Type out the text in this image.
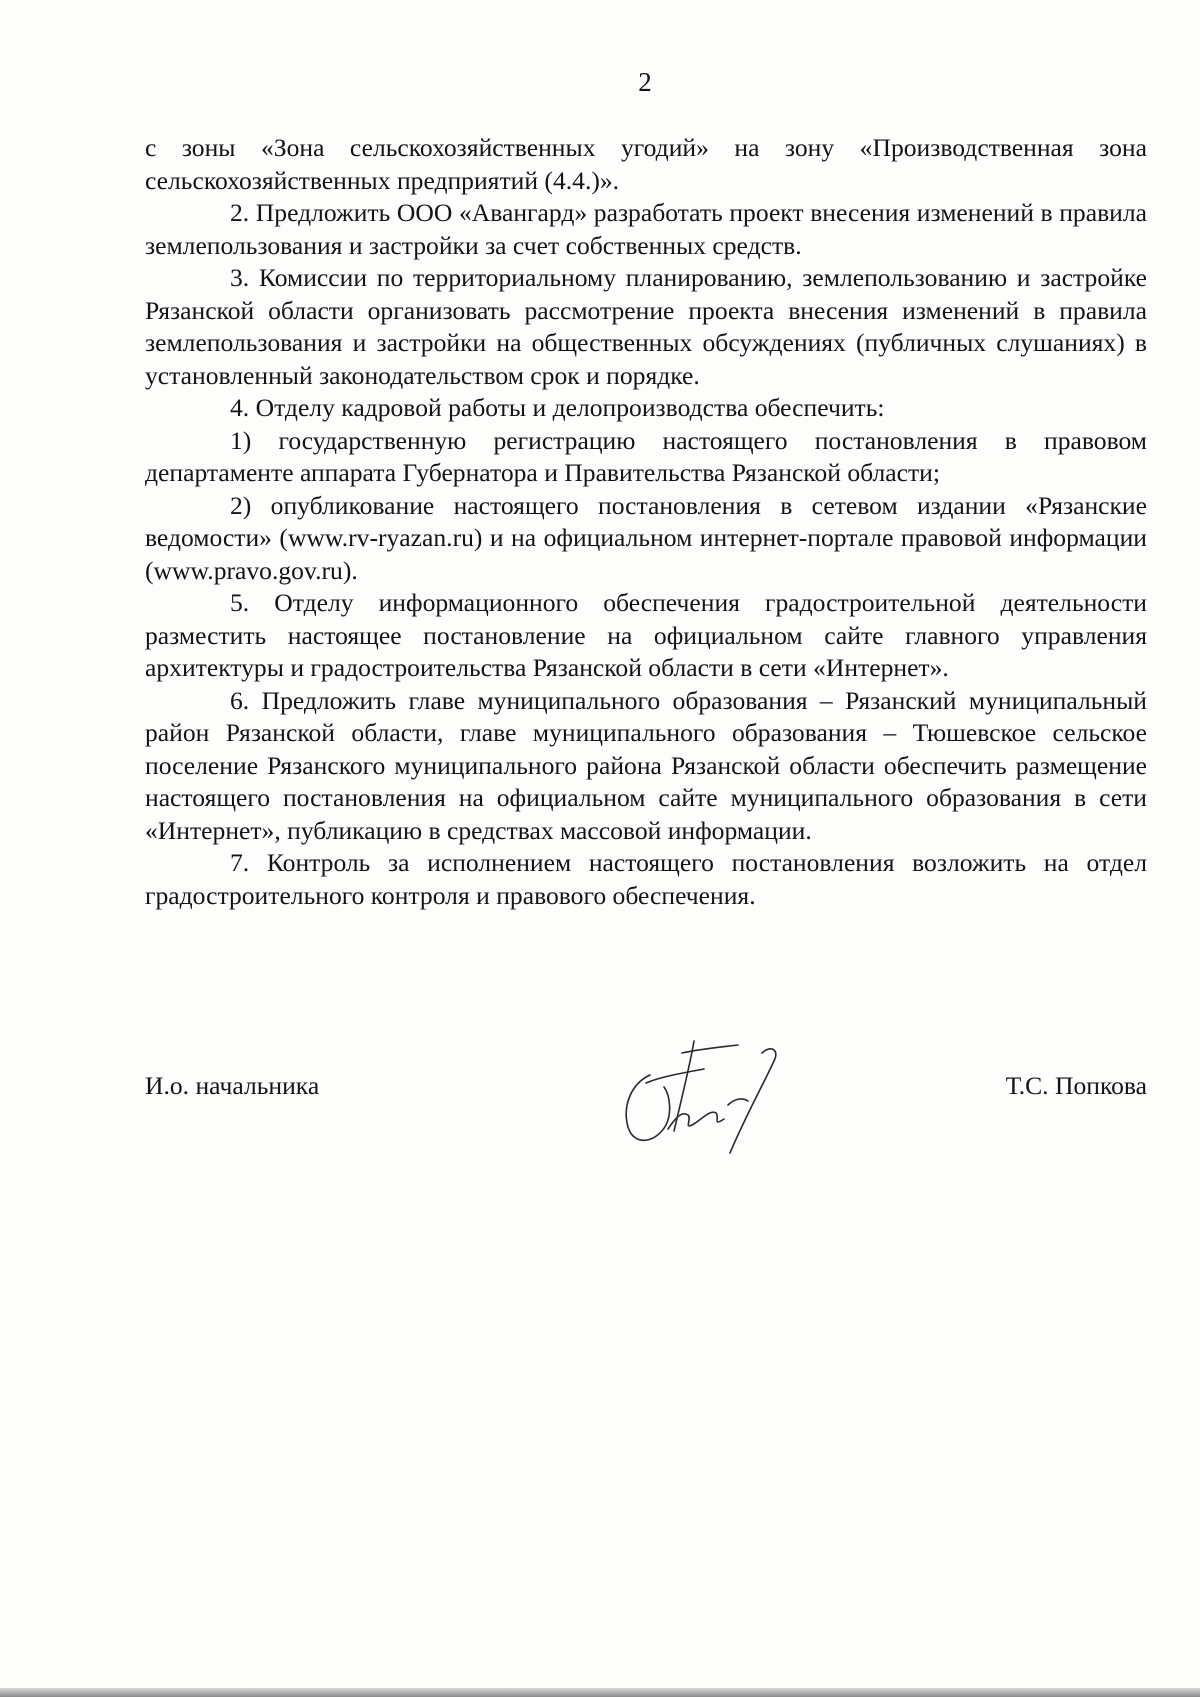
2

с зоны «Зона сельскохозяйственных угодий» на зону «Производственная зона сельскохозяйственных предприятий (4.4.)».

2. Предложить ООО «Авангард» разработать проект внесения изменений в правила землепользования и застройки за счет собственных средств.

3. Комиссии по территориальному планированию, землепользованию и застройке Рязанской области организовать рассмотрение проекта внесения изменений в правила землепользования и застройки на общественных обсуждениях (публичных слушаниях) в установленный законодательством срок и порядке.

4. Отделу кадровой работы и делопроизводства обеспечить:

1) государственную регистрацию настоящего постановления в правовом департаменте аппарата Губернатора и Правительства Рязанской области;

2) опубликование настоящего постановления в сетевом издании «Рязанские ведомости» (www.rv-ryazan.ru) и на официальном интернет-портале правовой информации (www.pravo.gov.ru).

5. Отделу информационного обеспечения градостроительной деятельности разместить настоящее постановление на официальном сайте главного управления архитектуры и градостроительства Рязанской области в сети «Интернет».

6. Предложить главе муниципального образования – Рязанский муниципальный район Рязанской области, главе муниципального образования – Тюшевское сельское поселение Рязанского муниципального района Рязанской области обеспечить размещение настоящего постановления на официальном сайте муниципального образования в сети «Интернет», публикацию в средствах массовой информации.

7. Контроль за исполнением настоящего постановления возложить на отдел градостроительного контроля и правового обеспечения.

И.о. начальника	Т.С. Попкова
